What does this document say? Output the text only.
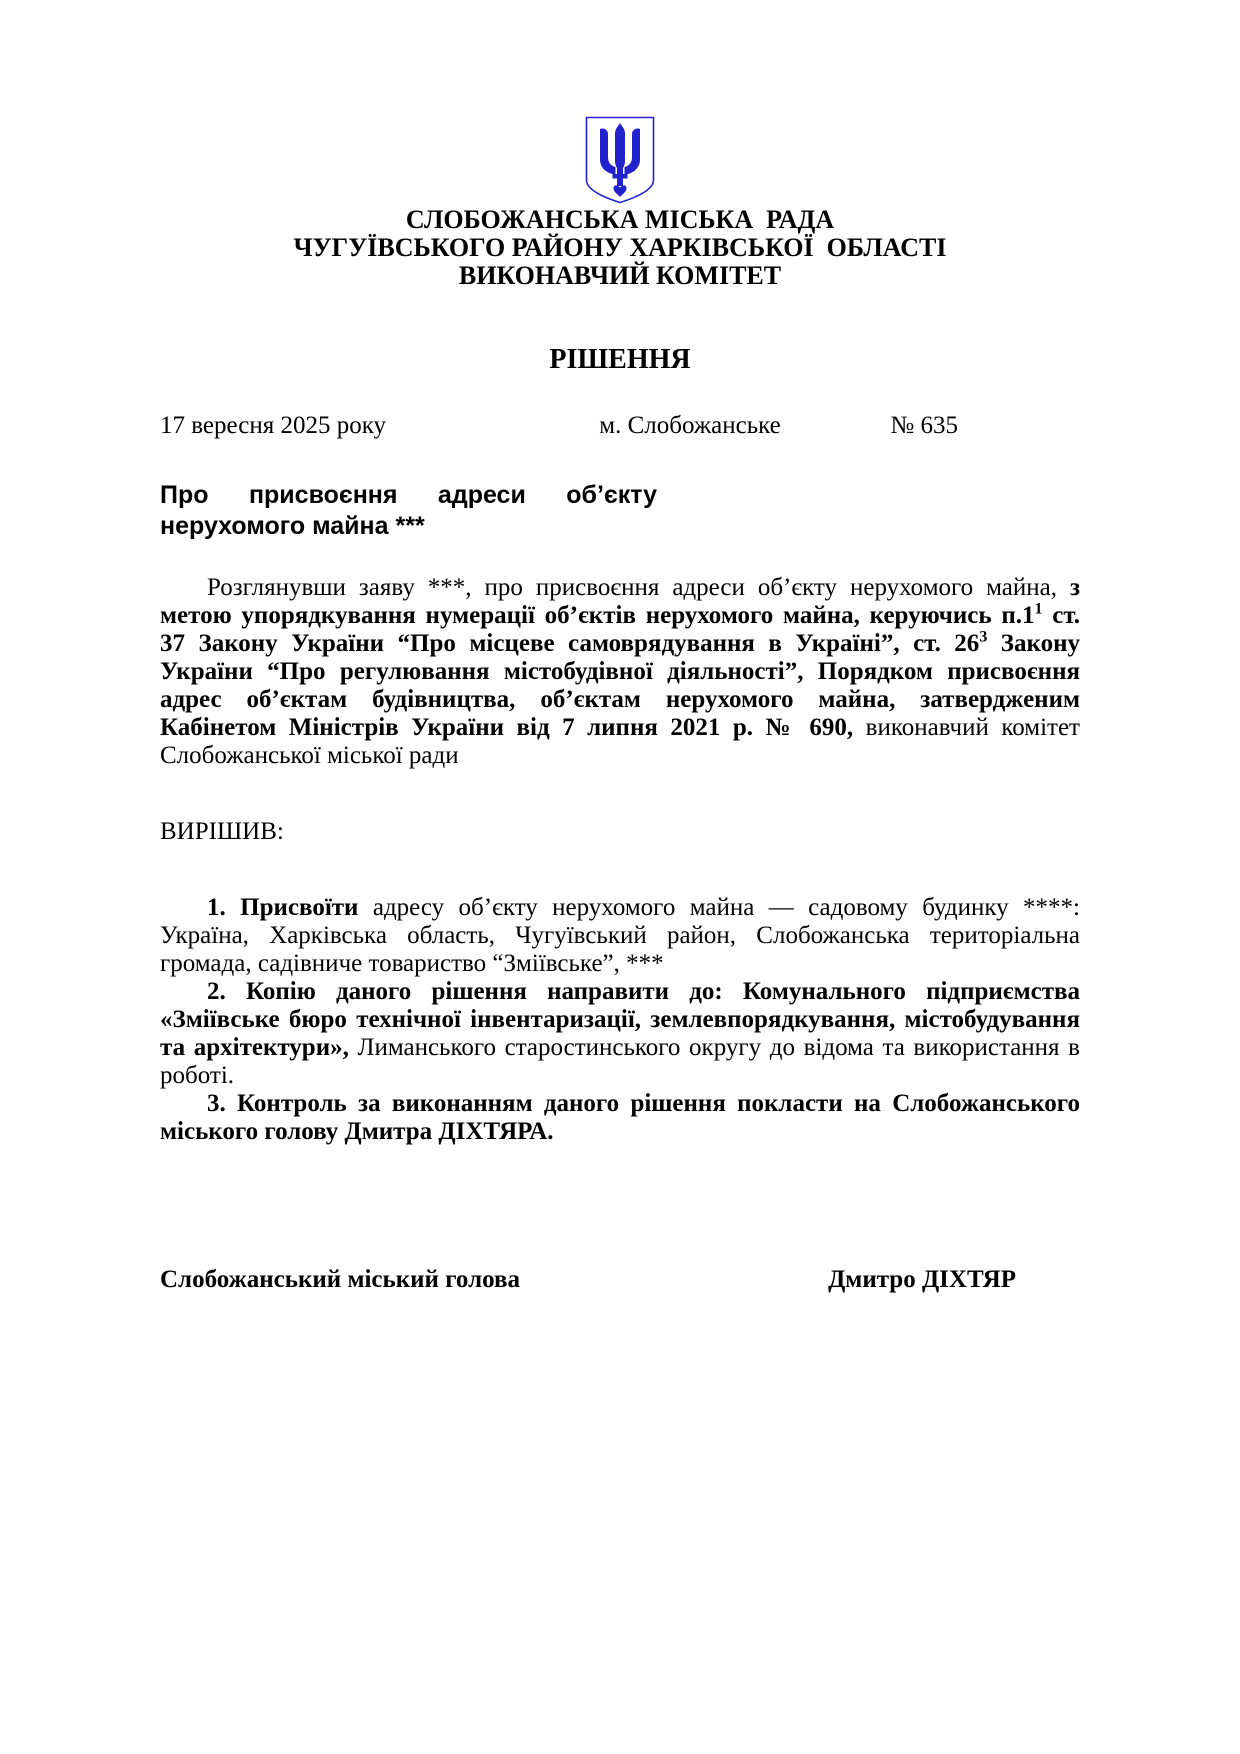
СЛОБОЖАНСЬКА МІСЬКА  РАДА
ЧУГУЇВСЬКОГО РАЙОНУ ХАРКІВСЬКОЇ  ОБЛАСТІ
ВИКОНАВЧИЙ КОМІТЕТ
РІШЕННЯ
17 вересня 2025 року	м. Слобожанське	№ 635
Про присвоєння адреси об’єкту
нерухомого майна ***

Розглянувши заяву ***, про присвоєння адреси об’єкту нерухомого майна, з метою упорядкування нумерації об’єктів нерухомого майна, керуючись $п.1^1$ ст. 37 Закону України “Про місцеве самоврядування в Україні”, ст. $26^3$ Закону України “Про регулювання містобудівної діяльності”, Порядком присвоєння адрес об’єктам будівництва, об’єктам нерухомого майна, затвердженим Кабінетом Міністрів України від 7 липня 2021 р. № 690, виконавчий комітет Слобожанської міської ради

ВИРІШИВ:

1. Присвоїти адресу об’єкту нерухомого майна — садовому будинку ****: Україна, Харківська область, Чугуївський район, Слобожанська територіальна громада, садівниче товариство “Зміївське”, ***

2. Копію даного рішення направити до: Комунального підприємства «Зміївське бюро технічної інвентаризації, землевпорядкування, містобудування та архітектури», Лиманського старостинського округу до відома та використання в роботі.

3. Контроль за виконанням даного рішення покласти на Слобожанського міського голову Дмитра ДІХТЯРА.

Слобожанський міський голова	Дмитро ДІХТЯР
